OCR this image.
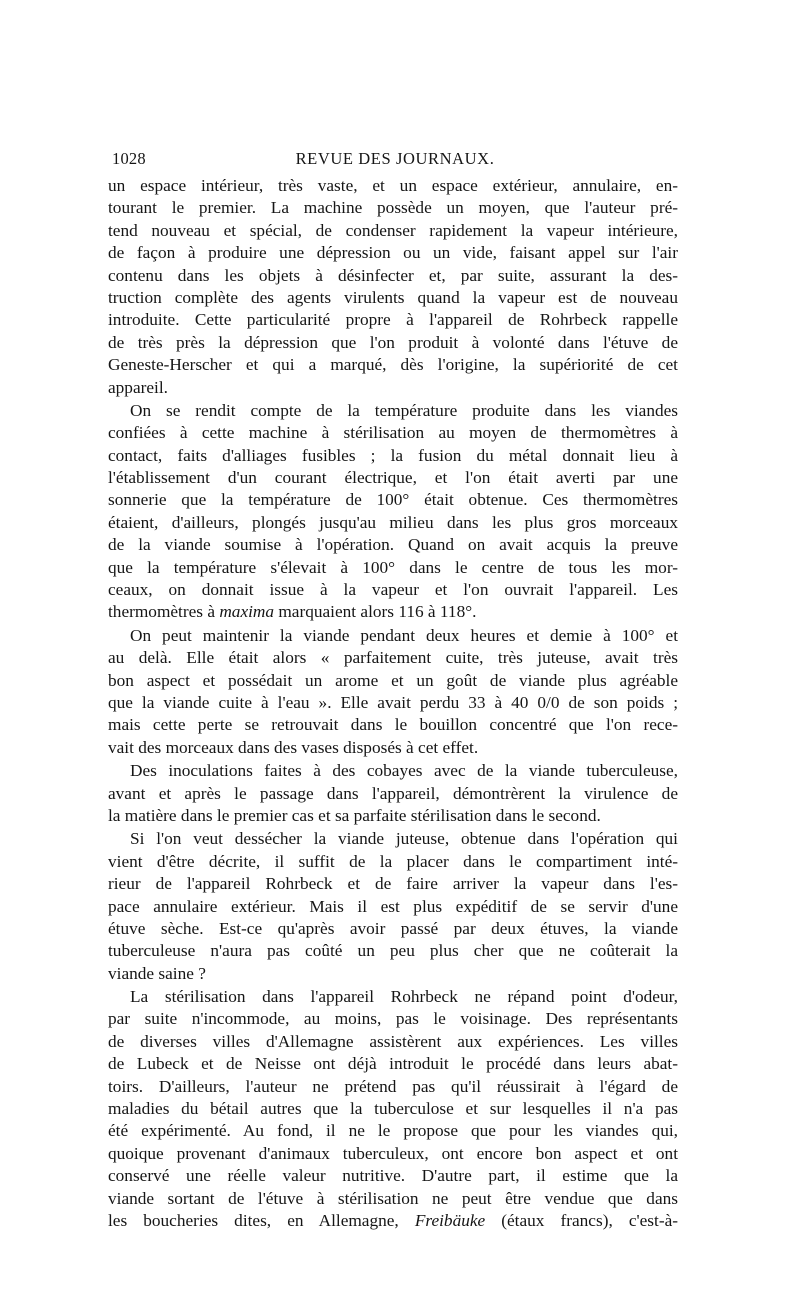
1028	REVUE DES JOURNAUX.
un espace intérieur, très vaste, et un espace extérieur, annulaire, en-
tourant le premier. La machine possède un moyen, que l'auteur pré-
tend nouveau et spécial, de condenser rapidement la vapeur intérieure,
de façon à produire une dépression ou un vide, faisant appel sur l'air
contenu dans les objets à désinfecter et, par suite, assurant la des-
truction complète des agents virulents quand la vapeur est de nouveau
introduite. Cette particularité propre à l'appareil de Rohrbeck rappelle
de très près la dépression que l'on produit à volonté dans l'étuve de
Geneste-Herscher et qui a marqué, dès l'origine, la supériorité de cet
appareil.
On se rendit compte de la température produite dans les viandes
confiées à cette machine à stérilisation au moyen de thermomètres à
contact, faits d'alliages fusibles ; la fusion du métal donnait lieu à
l'établissement d'un courant électrique, et l'on était averti par une
sonnerie que la température de 100° était obtenue. Ces thermomètres
étaient, d'ailleurs, plongés jusqu'au milieu dans les plus gros morceaux
de la viande soumise à l'opération. Quand on avait acquis la preuve
que la température s'élevait à 100° dans le centre de tous les mor-
ceaux, on donnait issue à la vapeur et l'on ouvrait l'appareil. Les
thermomètres à maxima marquaient alors 116 à 118°.
On peut maintenir la viande pendant deux heures et demie à 100° et
au delà. Elle était alors « parfaitement cuite, très juteuse, avait très
bon aspect et possédait un arome et un goût de viande plus agréable
que la viande cuite à l'eau ». Elle avait perdu 33 à 40 0/0 de son poids ;
mais cette perte se retrouvait dans le bouillon concentré que l'on rece-
vait des morceaux dans des vases disposés à cet effet.
Des inoculations faites à des cobayes avec de la viande tuberculeuse,
avant et après le passage dans l'appareil, démontrèrent la virulence de
la matière dans le premier cas et sa parfaite stérilisation dans le second.
Si l'on veut dessécher la viande juteuse, obtenue dans l'opération qui
vient d'être décrite, il suffit de la placer dans le compartiment inté-
rieur de l'appareil Rohrbeck et de faire arriver la vapeur dans l'es-
pace annulaire extérieur. Mais il est plus expéditif de se servir d'une
étuve sèche. Est-ce qu'après avoir passé par deux étuves, la viande
tuberculeuse n'aura pas coûté un peu plus cher que ne coûterait la
viande saine ?
La stérilisation dans l'appareil Rohrbeck ne répand point d'odeur,
par suite n'incommode, au moins, pas le voisinage. Des représentants
de diverses villes d'Allemagne assistèrent aux expériences. Les villes
de Lubeck et de Neisse ont déjà introduit le procédé dans leurs abat-
toirs. D'ailleurs, l'auteur ne prétend pas qu'il réussirait à l'égard de
maladies du bétail autres que la tuberculose et sur lesquelles il n'a pas
été expérimenté. Au fond, il ne le propose que pour les viandes qui,
quoique provenant d'animaux tuberculeux, ont encore bon aspect et ont
conservé une réelle valeur nutritive. D'autre part, il estime que la
viande sortant de l'étuve à stérilisation ne peut être vendue que dans
les boucheries dites, en Allemagne, Freibäuke (étaux francs), c'est-à-
